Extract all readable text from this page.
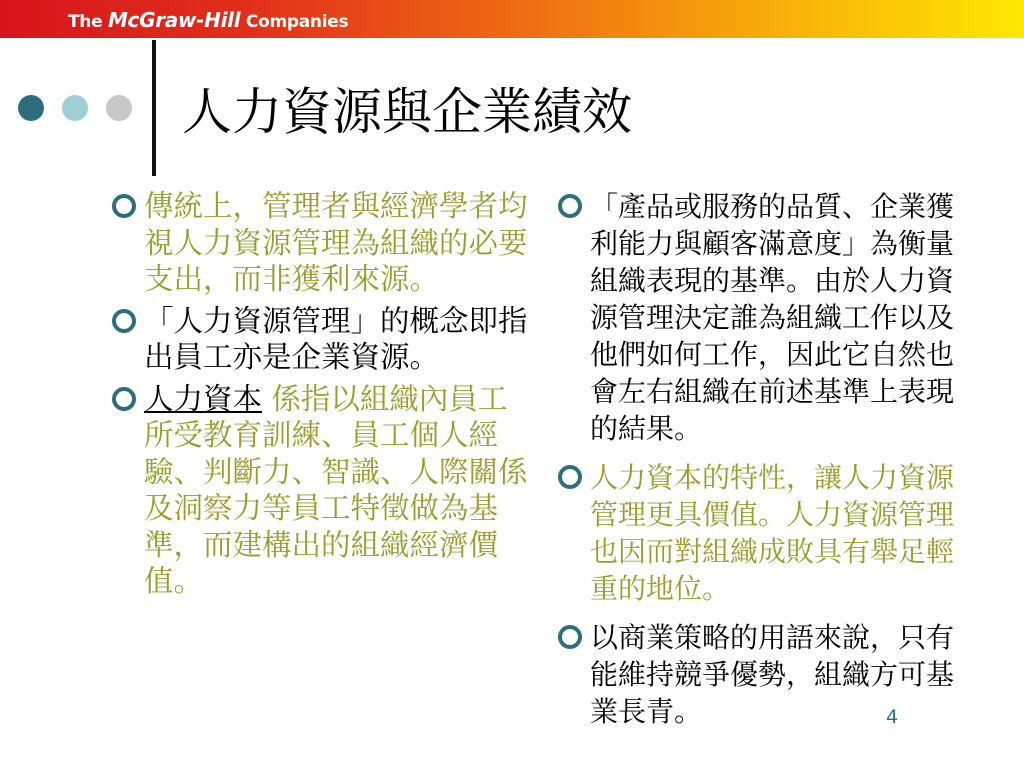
The McGraw-Hill Companies
人力資源與企業績效
傳統上，管理者與經濟學者均視人力資源管理為組織的必要支出，而非獲利來源。
「人力資源管理」的概念即指出員工亦是企業資源。
人力資本 係指以組織內員工所受教育訓練、員工個人經驗、判斷力、智識、人際關係及洞察力等員工特徵做為基準，而建構出的組織經濟價值。
「產品或服務的品質、企業獲利能力與顧客滿意度」為衡量組織表現的基準。由於人力資源管理決定誰為組織工作以及他們如何工作，因此它自然也會左右組織在前述基準上表現的結果。
人力資本的特性，讓人力資源管理更具價值。人力資源管理也因而對組織成敗具有舉足輕重的地位。
以商業策略的用語來說，只有能維持競爭優勢，組織方可基業長青。	4
